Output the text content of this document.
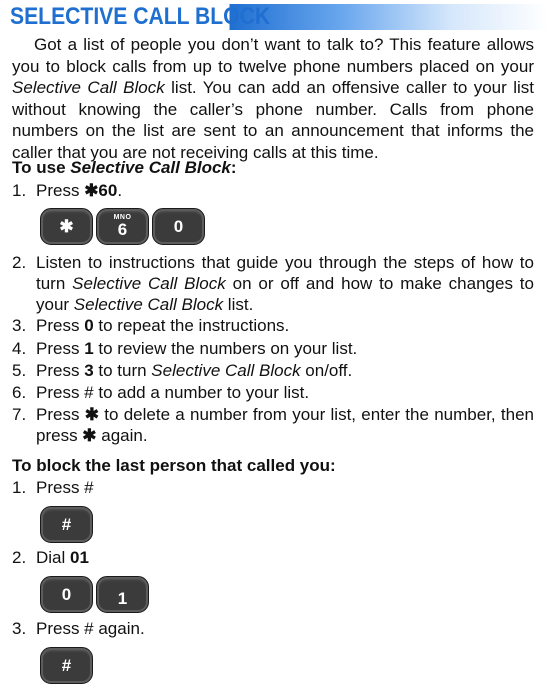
SELECTIVE CALL BLOCK
Got a list of people you don’t want to talk to? This feature allows you to block calls from up to twelve phone numbers placed on your Selective Call Block list. You can add an offensive caller to your list without knowing the caller’s phone number. Calls from phone numbers on the list are sent to an announcement that informs the caller that you are not receiving calls at this time.
To use Selective Call Block:
1. Press ✱60.
✱	MNO
6	0
2. Listen to instructions that guide you through the steps of how to turn Selective Call Block on or off and how to make changes to your Selective Call Block list.
3. Press 0 to repeat the instructions.
4. Press 1 to review the numbers on your list.
5. Press 3 to turn Selective Call Block on/off.
6. Press # to add a number to your list.
7. Press ✱ to delete a number from your list, enter the number, then press ✱ again.
To block the last person that called you:
1. Press #
#
2. Dial 01
0	1
3. Press # again.
#
